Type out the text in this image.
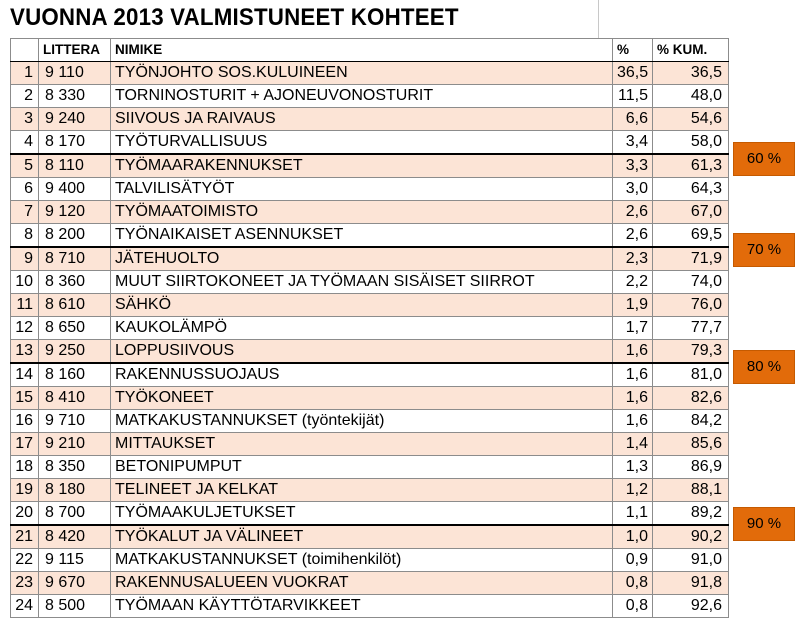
VUONNA 2013 VALMISTUNEET KOHTEET
	LITTERA	NIMIKE	%	% KUM.
1	9 110	TYÖNJOHTO SOS.KULUINEEN	36,5	36,5
2	8 330	TORNINOSTURIT + AJONEUVONOSTURIT	11,5	48,0
3	9 240	SIIVOUS JA RAIVAUS	6,6	54,6
4	8 170	TYÖTURVALLISUUS	3,4	58,0
5	8 110	TYÖMAARAKENNUKSET	3,3	61,3
6	9 400	TALVILISÄTYÖT	3,0	64,3
7	9 120	TYÖMAATOIMISTO	2,6	67,0
8	8 200	TYÖNAIKAISET ASENNUKSET	2,6	69,5
9	8 710	JÄTEHUOLTO	2,3	71,9
10	8 360	MUUT SIIRTOKONEET JA TYÖMAAN SISÄISET SIIRROT	2,2	74,0
11	8 610	SÄHKÖ	1,9	76,0
12	8 650	KAUKOLÄMPÖ	1,7	77,7
13	9 250	LOPPUSIIVOUS	1,6	79,3
14	8 160	RAKENNUSSUOJAUS	1,6	81,0
15	8 410	TYÖKONEET	1,6	82,6
16	9 710	MATKAKUSTANNUKSET (työntekijät)	1,6	84,2
17	9 210	MITTAUKSET	1,4	85,6
18	8 350	BETONIPUMPUT	1,3	86,9
19	8 180	TELINEET JA KELKAT	1,2	88,1
20	8 700	TYÖMAAKULJETUKSET	1,1	89,2
21	8 420	TYÖKALUT JA VÄLINEET	1,0	90,2
22	9 115	MATKAKUSTANNUKSET (toimihenkilöt)	0,9	91,0
23	9 670	RAKENNUSALUEEN VUOKRAT	0,8	91,8
24	8 500	TYÖMAAN KÄYTTÖTARVIKKEET	0,8	92,6
60 %
70 %
80 %
90 %
